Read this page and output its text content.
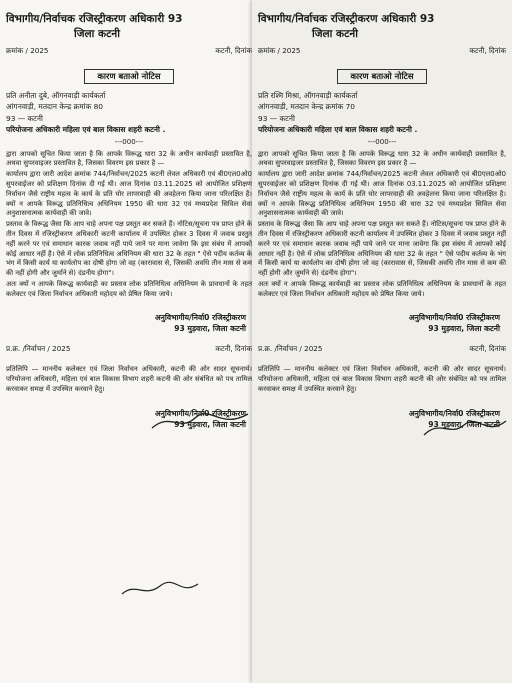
विभागीय/निर्वाचक रजिस्ट्रीकरण अधिकारी 93
जिला कटनी
क्रमांक / 2025	कटनी, दिनांक
कारण बताओ नोटिस
प्रति अनीता दुबे, ऑगनवाड़ी कार्यकर्ता
आंगनवाड़ी, मतदान केन्द्र क्रमांक 80
93 — कटनी
परियोजना अधिकारी महिला एवं बाल विकास शहरी कटनी .
---000---

द्वारा आपको सूचित किया जाता है कि आपके विरूद्ध धारा 32 के अधीन कार्यवाही प्रस्तावित है, अथवा सुपरवाइजर प्रस्तावित है, जिसका विवरण इस प्रकार है —

कार्यालय द्वारा जारी आदेश क्रमांक 744/निर्वाचन/2025 कटनी लेवल अधिकारी एवं बी0एल0ओ0 सुपरवाईजर को प्रशिक्षण दिनांक दी गई थी। आज दिनांक 03.11.2025 को आयोजित प्रशिक्षण निर्वाचन जैसे राष्ट्रीय महत्व के कार्य के प्रति घोर लापरवाही की अवहेलना किया जाना परिलक्षित है। क्यों न आपके विरूद्ध प्रतिनिधित्व अधिनियम 1950 की धारा 32 एवं मध्यप्रदेश सिविल सेवा अनुशासनात्मक कार्यवाही की जावे।

प्रस्ताव के विरूद्ध जैसा कि आप चाहे अपना पक्ष प्रस्तुत कर सकते हैं। नोटिस/सूचना पत्र प्राप्त होने के तीन दिवस में रजिस्ट्रीकरण अधिकारी कटनी कार्यालय में उपस्थित होकर 3 दिवस में जवाब प्रस्तुत नहीं करने पर एवं समाधान कारक जवाब नहीं पाये जाने पर माना जावेगा कि इस संबंध में आपको कोई आधार नहीं है। ऐसे में लोक प्रतिनिधित्व अधिनियम की धारा 32 के तहत " ऐसे पदीय कर्तव्य के भंग में किसी कार्य या कार्यलोप का दोषी होगा जो वह (कारावास से, जिसकी अवधि तीन मास से कम की नहीं होगी और जुर्माने से) दंडनीय होगा"।

अतः क्यों न आपके विरूद्ध कार्यवाही का प्रस्ताव लोक प्रतिनिधित्व अधिनियम के प्रावधानों के तहत कलेक्टर एवं जिला निर्वाचन अधिकारी महोदय को प्रेषित किया जाये।

अनुविभागीय/निर्वा0 रजिस्ट्रीकरण
93 मुड़वारा, जिला कटनी
प्र.क्र. /निर्वाचन / 2025	कटनी, दिनांक
प्रतिलिपि — माननीय कलेक्टर एवं जिला निर्वाचन अधिकारी, कटनी की ओर सादर सूचनार्थ। परियोजना अधिकारी, महिला एवं बाल विकास विभाग शहरी कटनी की ओर संबंधित को पत्र तामिल करवाकर समक्ष में उपस्थित करवाने हेतु।
अनुविभागीय/निर्वा0 रजिस्ट्रीकरण
93 मुड़वारा, जिला कटनी
विभागीय/निर्वाचक रजिस्ट्रीकरण अधिकारी 93
जिला कटनी
क्रमांक / 2025	कटनी, दिनांक
कारण बताओ नोटिस
प्रति रश्मि मिश्रा, ऑगनवाड़ी कार्यकर्ता
आंगनवाड़ी, मतदान केन्द्र क्रमांक 70
93 — कटनी
परियोजना अधिकारी महिला एवं बाल विकास शहरी कटनी .
---000---

द्वारा आपको सूचित किया जाता है कि आपके विरूद्ध धारा 32 के अधीन कार्यवाही प्रस्तावित है, अथवा सुपरवाइजर प्रस्तावित है, जिसका विवरण इस प्रकार है —

कार्यालय द्वारा जारी आदेश क्रमांक 744/निर्वाचन/2025 कटनी लेवल अधिकारी एवं बी0एल0ओ0 सुपरवाईजर को प्रशिक्षण दिनांक दी गई थी। आज दिनांक 03.11.2025 को आयोजित प्रशिक्षण निर्वाचन जैसे राष्ट्रीय महत्व के कार्य के प्रति घोर लापरवाही की अवहेलना किया जाना परिलक्षित है। क्यों न आपके विरूद्ध प्रतिनिधित्व अधिनियम 1950 की धारा 32 एवं मध्यप्रदेश सिविल सेवा अनुशासनात्मक कार्यवाही की जावे।

प्रस्ताव के विरूद्ध जैसा कि आप चाहे अपना पक्ष प्रस्तुत कर सकते हैं। नोटिस/सूचना पत्र प्राप्त होने के तीन दिवस में रजिस्ट्रीकरण अधिकारी कटनी कार्यालय में उपस्थित होकर 3 दिवस में जवाब प्रस्तुत नहीं करने पर एवं समाधान कारक जवाब नहीं पाये जाने पर माना जावेगा कि इस संबंध में आपको कोई आधार नहीं है। ऐसे में लोक प्रतिनिधित्व अधिनियम की धारा 32 के तहत " ऐसे पदीय कर्तव्य के भंग में किसी कार्य या कार्यलोप का दोषी होगा जो वह (कारावास से, जिसकी अवधि तीन मास से कम की नहीं होगी और जुर्माने से) दंडनीय होगा"।

अतः क्यों न आपके विरूद्ध कार्यवाही का प्रस्ताव लोक प्रतिनिधित्व अधिनियम के प्रावधानों के तहत कलेक्टर एवं जिला निर्वाचन अधिकारी महोदय को प्रेषित किया जाये।

अनुविभागीय/निर्वा0 रजिस्ट्रीकरण
93 मुड़वारा, जिला कटनी
प्र.क्र. /निर्वाचन / 2025	कटनी, दिनांक
प्रतिलिपि — माननीय कलेक्टर एवं जिला निर्वाचन अधिकारी, कटनी की ओर सादर सूचनार्थ। परियोजना अधिकारी, महिला एवं बाल विकास विभाग शहरी कटनी की ओर संबंधित को पत्र तामिल करवाकर समक्ष में उपस्थित करवाने हेतु।
अनुविभागीय/निर्वा0 रजिस्ट्रीकरण
93 मुड़वारा, जिला कटनी
